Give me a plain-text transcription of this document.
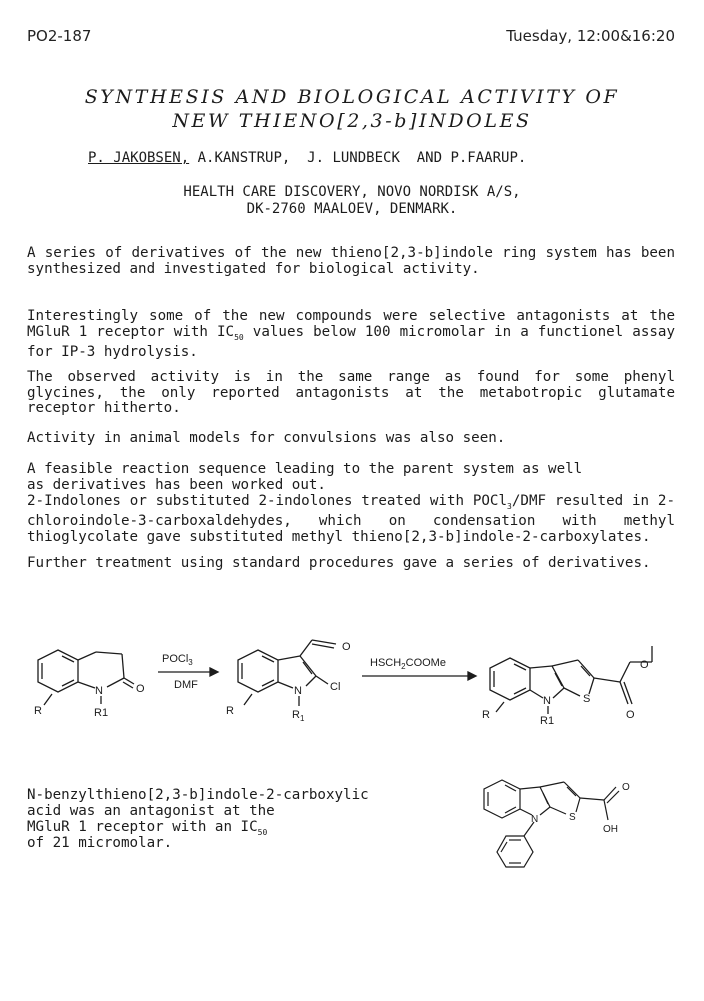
PO2-187	Tuesday, 12:00&16:20
SYNTHESIS AND BIOLOGICAL ACTIVITY OF
NEW THIENO[2,3-b]INDOLES
P. JAKOBSEN, A.KANSTRUP,  J. LUNDBECK  AND P.FAARUP.
HEALTH CARE DISCOVERY, NOVO NORDISK A/S,
DK-2760 MAALOEV, DENMARK.
A series of derivatives of the new thieno[2,3-b]indole ring system has been synthesized and investigated for biological activity.
Interestingly some of the new compounds were selective antagonists at the MGluR 1 receptor with $IC_{50}$ values below 100 micromolar in a functionel assay for IP-3 hydrolysis.
The observed activity is in the same range as found for some phenyl glycines, the only reported antagonists at the metabotropic glutamate receptor hitherto.
Activity in animal models for convulsions was also seen.
A feasible reaction sequence leading to the parent system as well
as derivatives has been worked out.
2-Indolones or substituted 2-indolones treated with POCl$_3$/DMF resulted in 2-chloroindole-3-carboxaldehydes, which on condensation with methyl thioglycolate gave substituted methyl thieno[2,3-b]indole-2-carboxylates.
Further treatment using standard procedures gave a series of derivatives.
POCl$_3$
DMF
$HSCH_2COOMe$
N	O
R1
R
N
O
Cl
$R_1$
R
N	S
O
O
R1
R
N-benzylthieno[2,3-b]indole-2-carboxylic
acid was an antagonist at the
MGluR 1 receptor with an $IC_{50}$
of 21 micromolar.
N	S
O
OH
